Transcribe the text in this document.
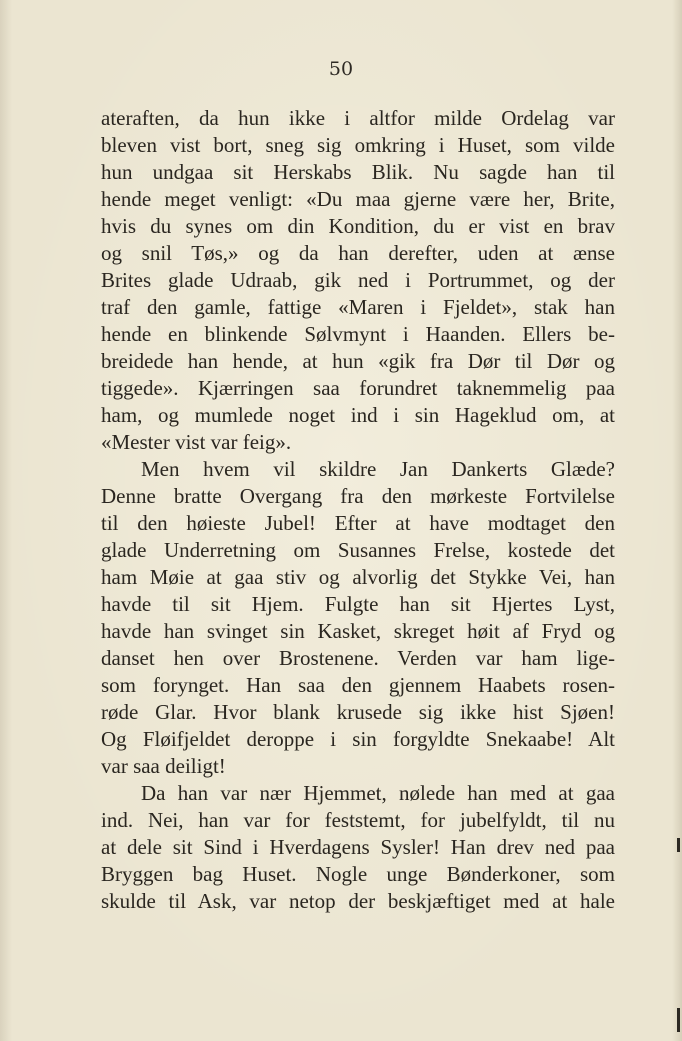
50
ateraften, da hun ikke i altfor milde Ordelag var
bleven vist bort, sneg sig omkring i Huset, som vilde
hun undgaa sit Herskabs Blik. Nu sagde han til
hende meget venligt: «Du maa gjerne være her, Brite,
hvis du synes om din Kondition, du er vist en brav
og snil Tøs,» og da han derefter, uden at ænse
Brites glade Udraab, gik ned i Portrummet, og der
traf den gamle, fattige «Maren i Fjeldet», stak han
hende en blinkende Sølvmynt i Haanden. Ellers be-
breidede han hende, at hun «gik fra Dør til Dør og
tiggede». Kjærringen saa forundret taknemmelig paa
ham, og mumlede noget ind i sin Hageklud om, at
«Mester vist var feig».
Men hvem vil skildre Jan Dankerts Glæde?
Denne bratte Overgang fra den mørkeste Fortvilelse
til den høieste Jubel! Efter at have modtaget den
glade Underretning om Susannes Frelse, kostede det
ham Møie at gaa stiv og alvorlig det Stykke Vei, han
havde til sit Hjem. Fulgte han sit Hjertes Lyst,
havde han svinget sin Kasket, skreget høit af Fryd og
danset hen over Brostenene. Verden var ham lige-
som forynget. Han saa den gjennem Haabets rosen-
røde Glar. Hvor blank krusede sig ikke hist Sjøen!
Og Fløifjeldet deroppe i sin forgyldte Snekaabe! Alt
var saa deiligt!
Da han var nær Hjemmet, nølede han med at gaa
ind. Nei, han var for feststemt, for jubelfyldt, til nu
at dele sit Sind i Hverdagens Sysler! Han drev ned paa
Bryggen bag Huset. Nogle unge Bønderkoner, som
skulde til Ask, var netop der beskjæftiget med at hale
